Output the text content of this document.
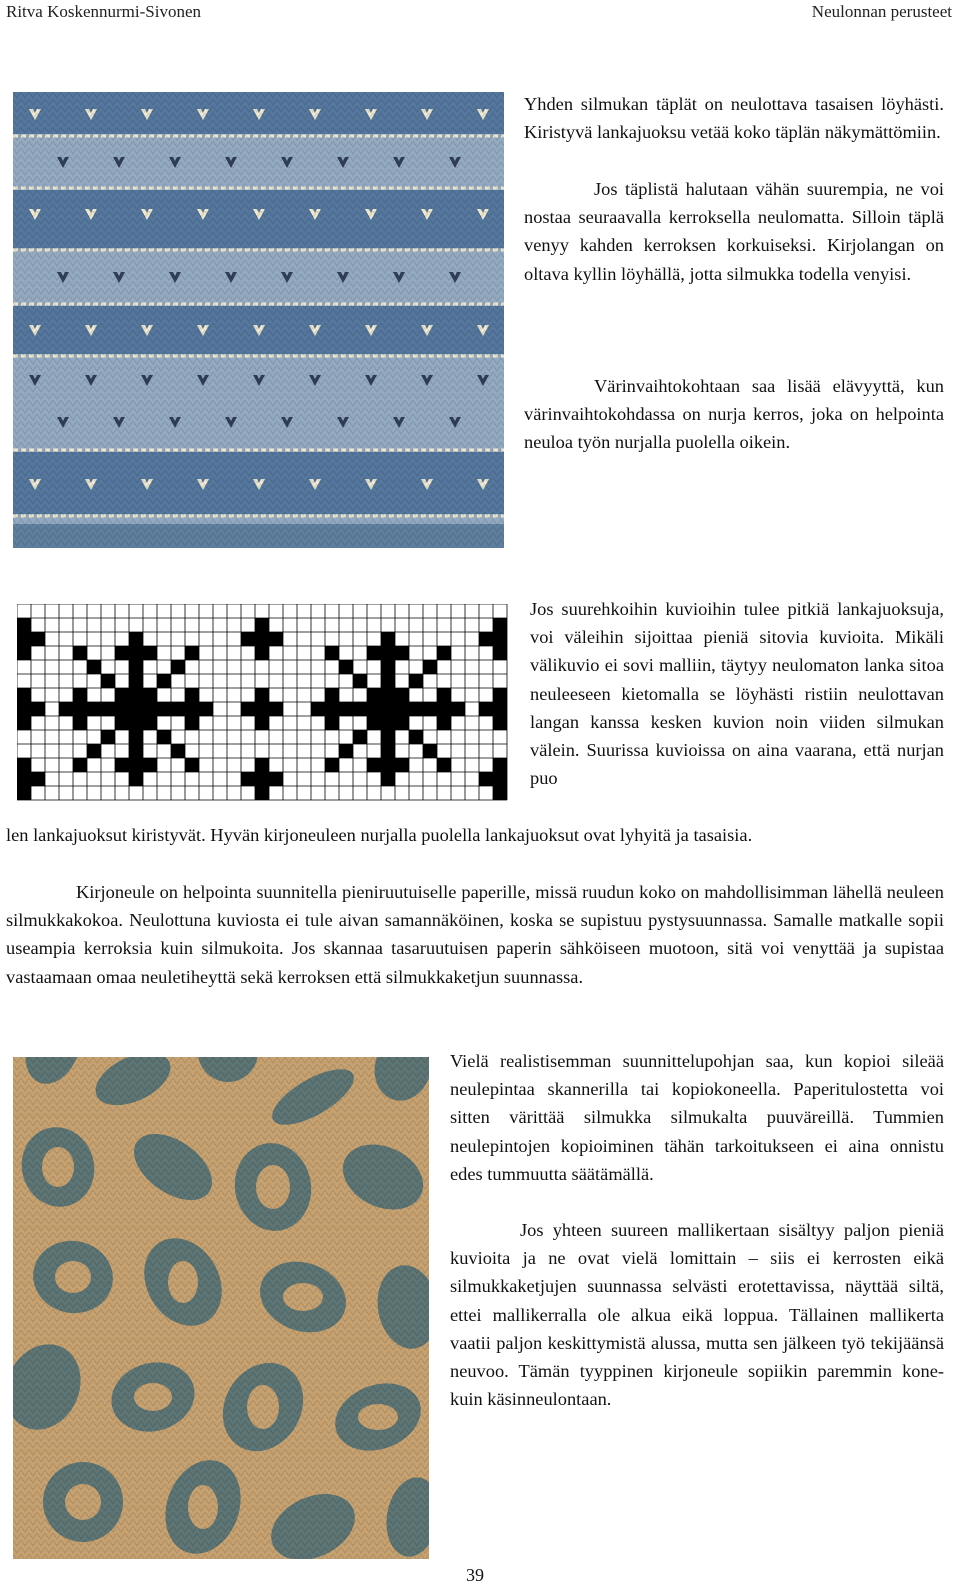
Ritva Koskennurmi-Sivonen	Neulonnan perusteet

Yhden silmukan täplät on neulottava tasaisen löyhästi. Kiristyvä lankajuoksu vetää koko täplän näkymättömiin.

Jos täplistä halutaan vähän suurempia, ne voi nostaa seuraavalla kerroksella neulomatta. Silloin täplä venyy kahden kerroksen korkuiseksi. Kirjolangan on oltava kyllin löyhällä, jotta silmukka todella venyisi.

Värinvaihtokohtaan saa lisää elävyyttä, kun värinvaihtokohdassa on nurja kerros, joka on helpointa neuloa työn nurjalla puolella oikein.

Jos suurehkoihin kuvioihin tulee pitkiä lankajuoksuja, voi väleihin sijoittaa pieniä sitovia kuvioita. Mikäli välikuvio ei sovi malliin, täytyy neulomaton lanka sitoa neuleeseen kietomalla se löyhästi ristiin neulottavan langan kanssa kesken kuvion noin viiden silmukan välein. Suurissa kuvioissa on aina vaarana, että nurjan puo

len lankajuoksut kiristyvät. Hyvän kirjoneuleen nurjalla puolella lankajuoksut ovat lyhyitä ja tasaisia.

Kirjoneule on helpointa suunnitella pieniruutuiselle paperille, missä ruudun koko on mahdollisimman lähellä neuleen silmukkakokoa. Neulottuna kuviosta ei tule aivan samannäköinen, koska se supistuu pystysuunnassa. Samalle matkalle sopii useampia kerroksia kuin silmukoita. Jos skannaa tasaruutuisen paperin sähköiseen muotoon, sitä voi venyttää ja supistaa vastaamaan omaa neuletiheyttä sekä kerroksen että silmukkaketjun suunnassa.

Vielä realistisemman suunnittelupohjan saa, kun kopioi sileää neulepintaa skannerilla tai kopiokoneella. Paperitulostetta voi sitten värittää silmukka silmukalta puuväreillä. Tummien neulepintojen kopioiminen tähän tarkoitukseen ei aina onnistu edes tummuutta säätämällä.

Jos yhteen suureen mallikertaan sisältyy paljon pieniä kuvioita ja ne ovat vielä lomittain – siis ei kerrosten eikä silmukkaketjujen suunnassa selvästi erotettavissa, näyttää siltä, ettei mallikerralla ole alkua eikä loppua. Tällainen mallikerta vaatii paljon keskittymistä alussa, mutta sen jälkeen työ tekijäänsä neuvoo. Tämän tyyppinen kirjoneule sopiikin paremmin kone- kuin käsinneulontaan.

39
